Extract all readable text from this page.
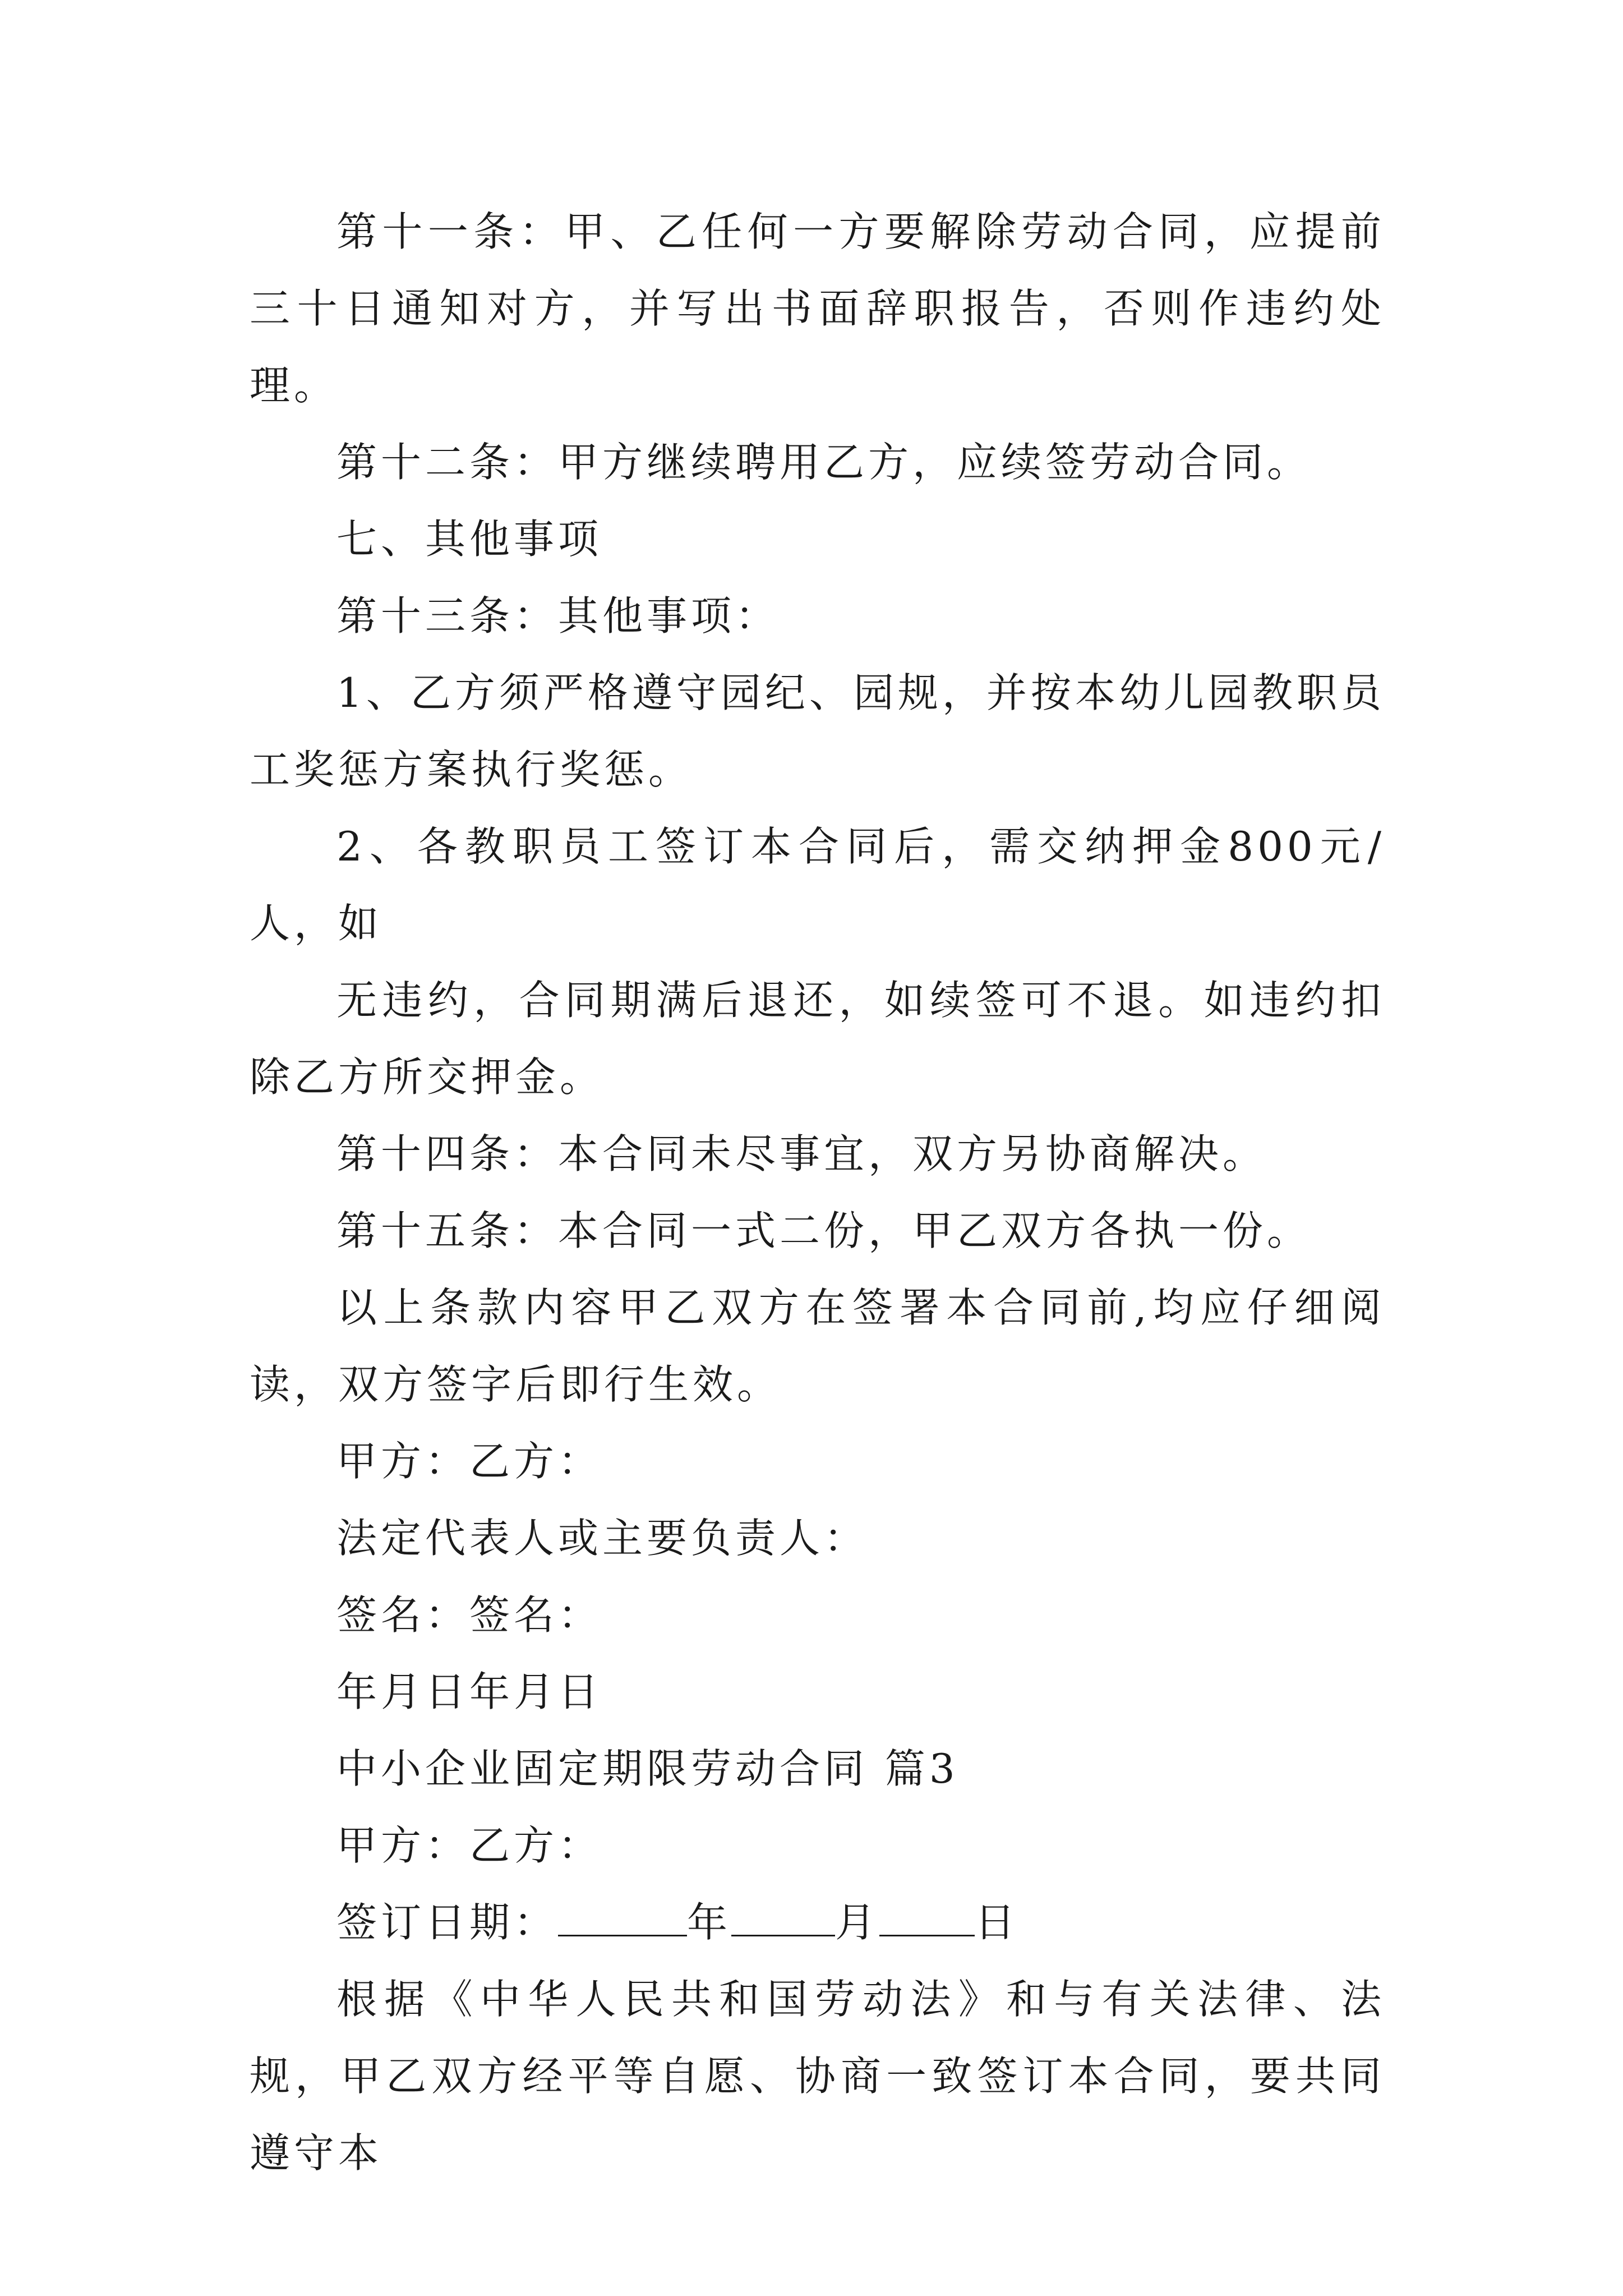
第十一条：甲、乙任何一方要解除劳动合同，应提前三十日通知对方，并写出书面辞职报告，否则作违约处理。

第十二条：甲方继续聘用乙方，应续签劳动合同。

七、其他事项

第十三条：其他事项：

1、乙方须严格遵守园纪、园规，并按本幼儿园教职员工奖惩方案执行奖惩。

2、各教职员工签订本合同后，需交纳押金800元/人，如

无违约，合同期满后退还，如续签可不退。如违约扣除乙方所交押金。

第十四条：本合同未尽事宜，双方另协商解决。

第十五条：本合同一式二份，甲乙双方各执一份。

以上条款内容甲乙双方在签署本合同前,均应仔细阅读，双方签字后即行生效。

甲方：乙方：

法定代表人或主要负责人：

签名：签名：

年月日年月日

中小企业固定期限劳动合同 篇3

甲方：乙方：

签订日期：	年	月 日

根据《中华人民共和国劳动法》和与有关法律、法规，甲乙双方经平等自愿、协商一致签订本合同，要共同遵守本
